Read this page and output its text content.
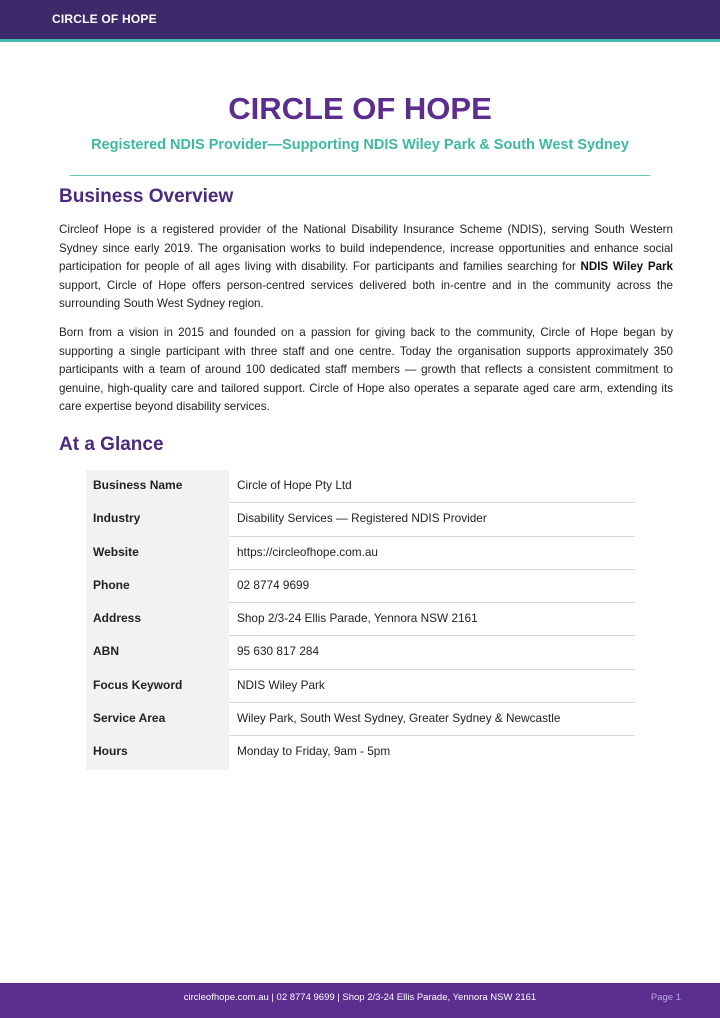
CIRCLE OF HOPE
CIRCLE OF HOPE

Registered NDIS Provider—Supporting NDIS Wiley Park & South West Sydney

Business Overview

Circleof Hope is a registered provider of the National Disability Insurance Scheme (NDIS), serving South Western Sydney since early 2019. The organisation works to build independence, increase opportunities and enhance social participation for people of all ages living with disability. For participants and families searching for NDIS Wiley Park support, Circle of Hope offers person-centred services delivered both in-centre and in the community across the surrounding South West Sydney region.

Born from a vision in 2015 and founded on a passion for giving back to the community, Circle of Hope began by supporting a single participant with three staff and one centre. Today the organisation supports approximately 350 participants with a team of around 100 dedicated staff members — growth that reflects a consistent commitment to genuine, high-quality care and tailored support. Circle of Hope also operates a separate aged care arm, extending its care expertise beyond disability services.

At a Glance
Business Name	Circle of Hope Pty Ltd
Industry	Disability Services — Registered NDIS Provider
Website	https://circleofhope.com.au
Phone	02 8774 9699
Address	Shop 2/3-24 Ellis Parade, Yennora NSW 2161
ABN	95 630 817 284
Focus Keyword	NDIS Wiley Park
Service Area	Wiley Park, South West Sydney, Greater Sydney & Newcastle
Hours	Monday to Friday, 9am - 5pm
circleofhope.com.au | 02 8774 9699 | Shop 2/3-24 Ellis Parade, Yennora NSW 2161	Page 1
